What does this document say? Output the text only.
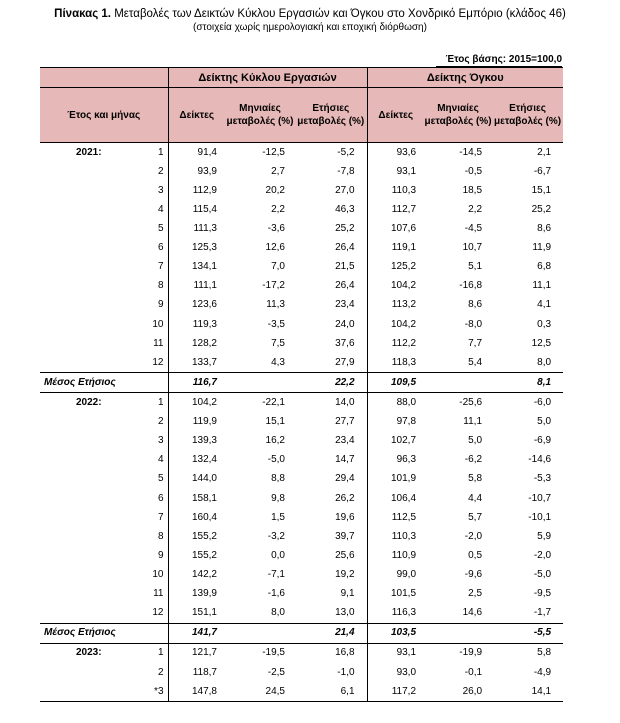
Πίνακας 1. Μεταβολές των Δεικτών Κύκλου Εργασιών και Όγκου στο Χονδρικό Εμπόριο (κλάδος 46)
(στοιχεία χωρίς ημερολογιακή και εποχική διόρθωση)
Έτος βάσης: 2015=100,0
		Δείκτης Κύκλου Εργασιών			Δείκτης Όγκου		
Έτος και μήνας		Δείκτες	Μηνιαίες μεταβολές (%)	Ετήσιες μεταβολές (%)	Δείκτες	Μηνιαίες μεταβολές (%)	Ετήσιες μεταβολές (%)
2021:	1	91,4	-12,5	-5,2	93,6	-14,5	2,1
	2	93,9	2,7	-7,8	93,1	-0,5	-6,7
	3	112,9	20,2	27,0	110,3	18,5	15,1
	4	115,4	2,2	46,3	112,7	2,2	25,2
	5	111,3	-3,6	25,2	107,6	-4,5	8,6
	6	125,3	12,6	26,4	119,1	10,7	11,9
	7	134,1	7,0	21,5	125,2	5,1	6,8
	8	111,1	-17,2	26,4	104,2	-16,8	11,1
	9	123,6	11,3	23,4	113,2	8,6	4,1
	10	119,3	-3,5	24,0	104,2	-8,0	0,3
	11	128,2	7,5	37,6	112,2	7,7	12,5
	12	133,7	4,3	27,9	118,3	5,4	8,0
Μέσος Ετήσιος		116,7		22,2	109,5		8,1
2022:	1	104,2	-22,1	14,0	88,0	-25,6	-6,0
	2	119,9	15,1	27,7	97,8	11,1	5,0
	3	139,3	16,2	23,4	102,7	5,0	-6,9
	4	132,4	-5,0	14,7	96,3	-6,2	-14,6
	5	144,0	8,8	29,4	101,9	5,8	-5,3
	6	158,1	9,8	26,2	106,4	4,4	-10,7
	7	160,4	1,5	19,6	112,5	5,7	-10,1
	8	155,2	-3,2	39,7	110,3	-2,0	5,9
	9	155,2	0,0	25,6	110,9	0,5	-2,0
	10	142,2	-7,1	19,2	99,0	-9,6	-5,0
	11	139,9	-1,6	9,1	101,5	2,5	-9,5
	12	151,1	8,0	13,0	116,3	14,6	-1,7
Μέσος Ετήσιος		141,7		21,4	103,5		-5,5
2023:	1	121,7	-19,5	16,8	93,1	-19,9	5,8
	2	118,7	-2,5	-1,0	93,0	-0,1	-4,9
	*3	147,8	24,5	6,1	117,2	26,0	14,1
